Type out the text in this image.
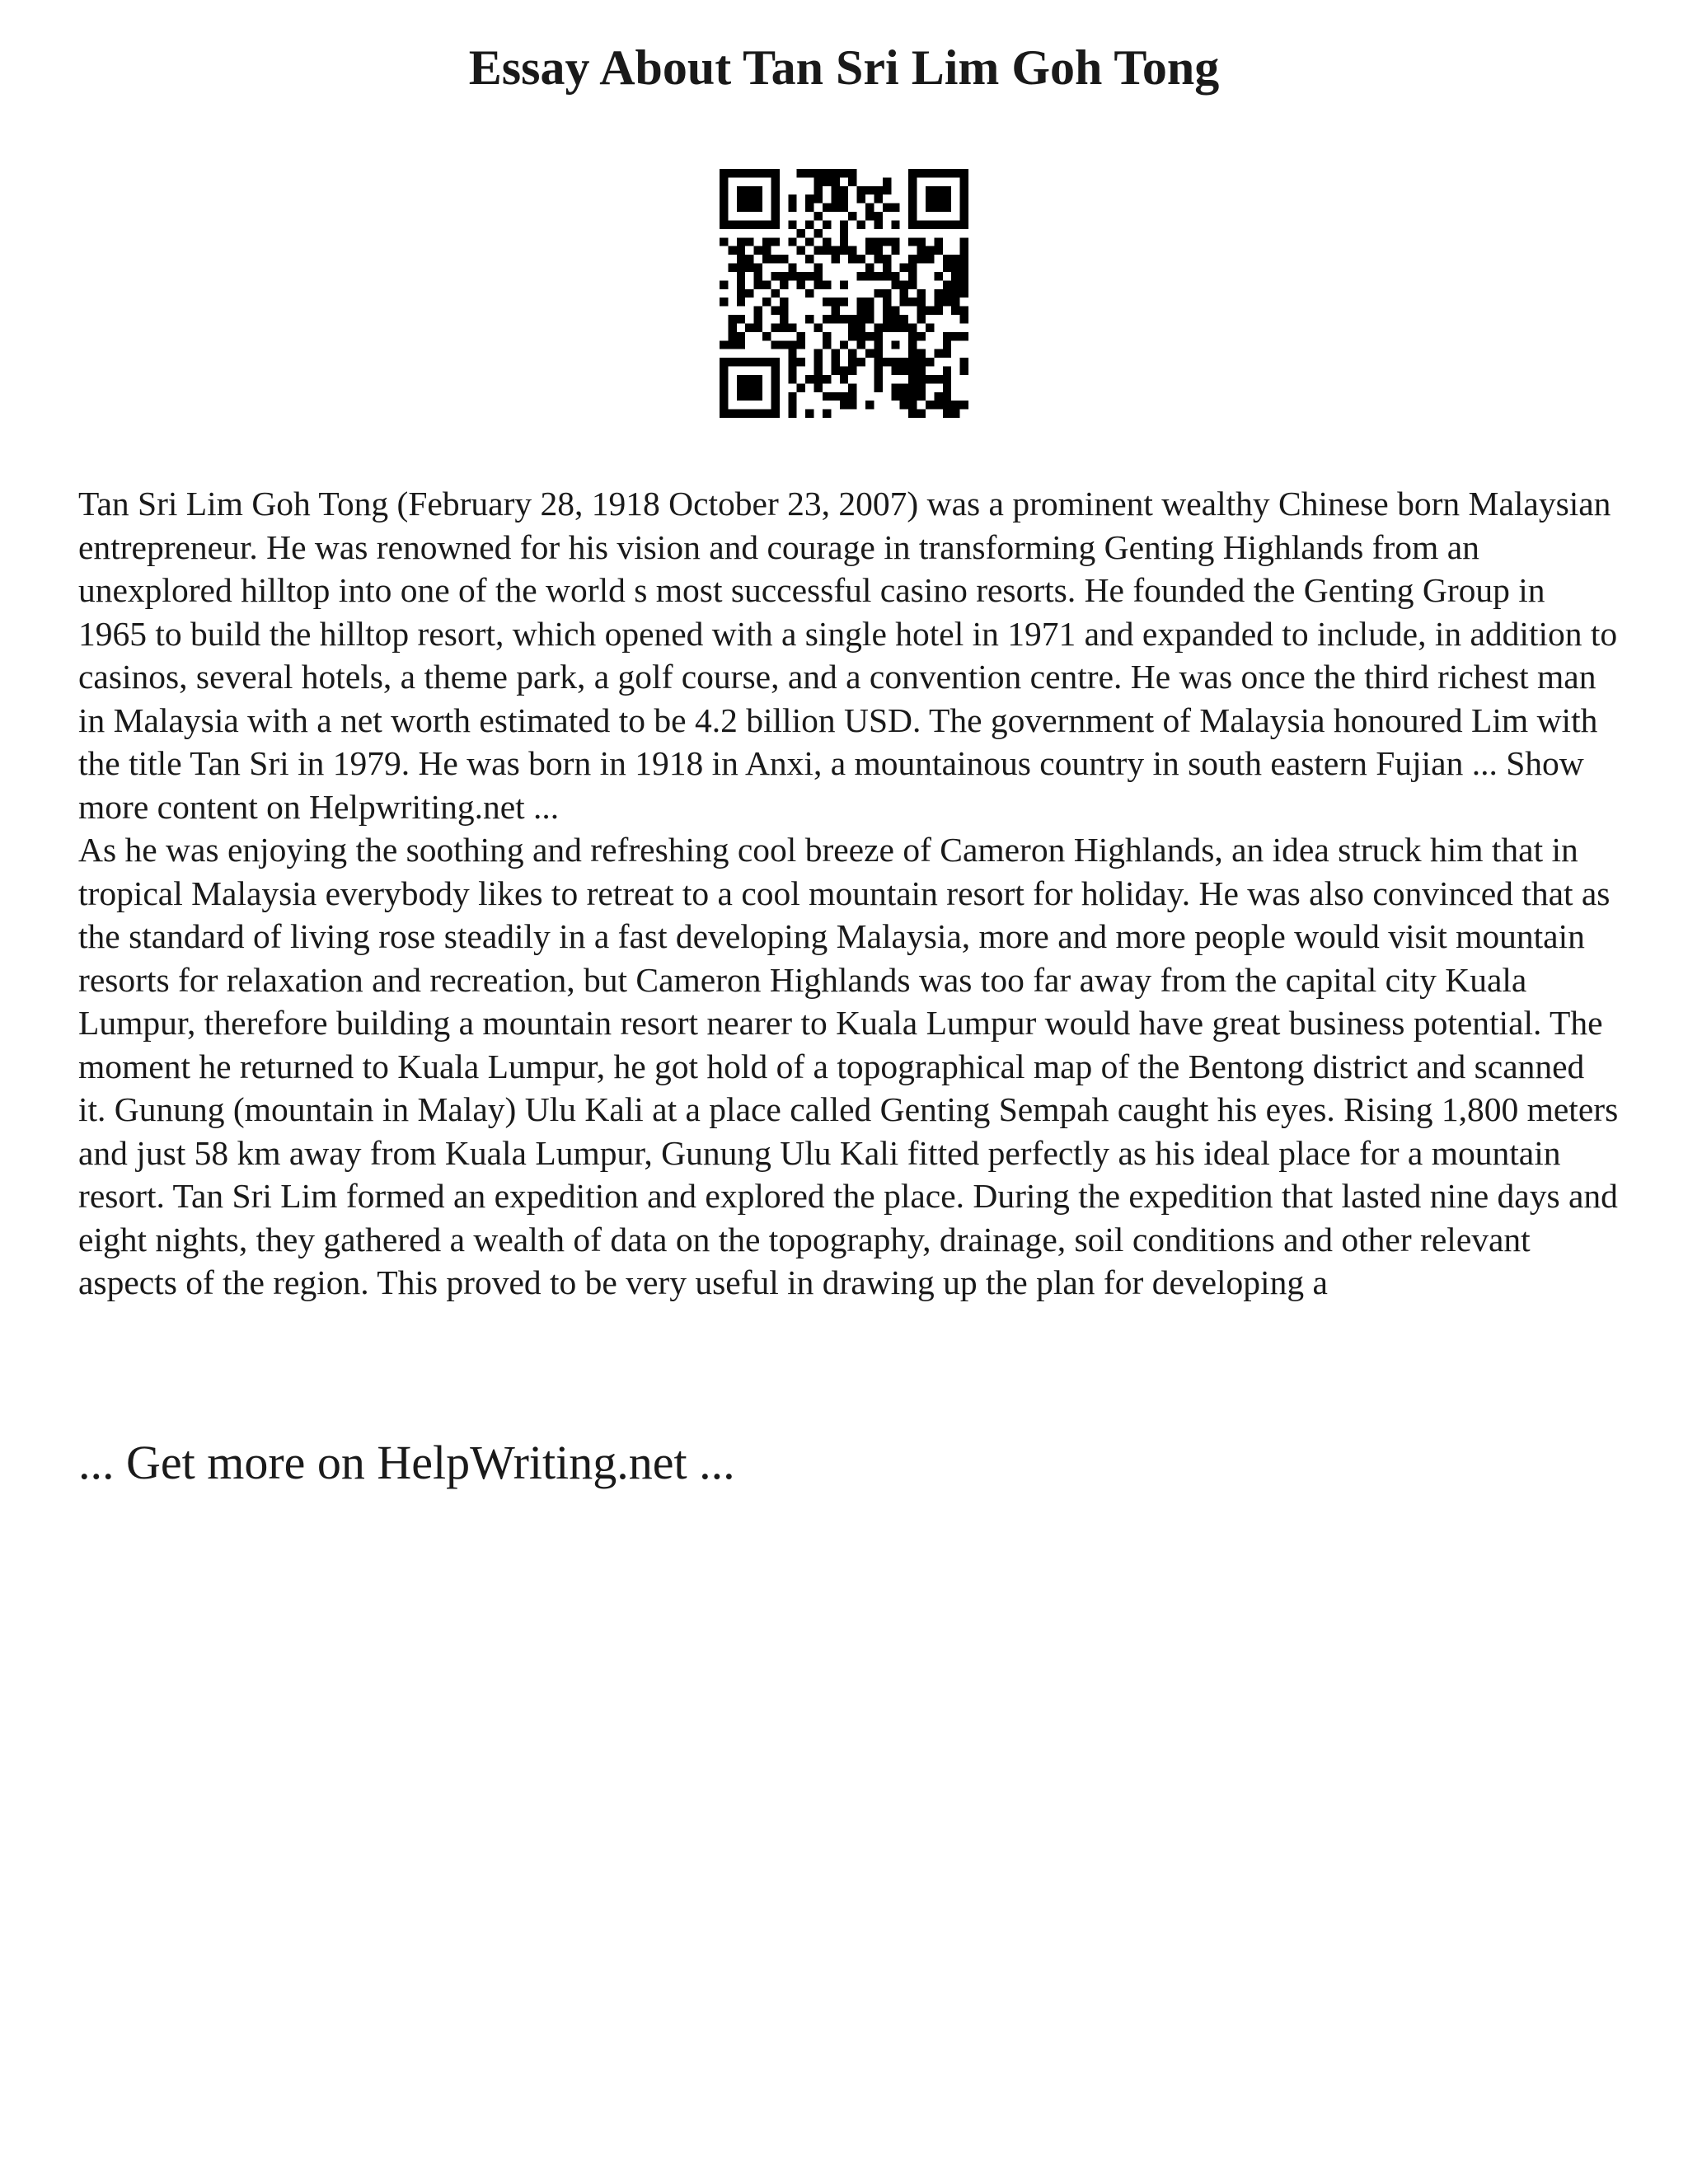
Essay About Tan Sri Lim Goh Tong

Tan Sri Lim Goh Tong (February 28, 1918 October 23, 2007) was a prominent wealthy Chinese born Malaysian entrepreneur. He was renowned for his vision and courage in transforming Genting Highlands from an unexplored hilltop into one of the world s most successful casino resorts. He founded the Genting Group in 1965 to build the hilltop resort, which opened with a single hotel in 1971 and expanded to include, in addition to casinos, several hotels, a theme park, a golf course, and a convention centre. He was once the third richest man in Malaysia with a net worth estimated to be 4.2 billion USD. The government of Malaysia honoured Lim with the title Tan Sri in 1979. He was born in 1918 in Anxi, a mountainous country in south eastern Fujian ... Show more content on Helpwriting.net ...

As he was enjoying the soothing and refreshing cool breeze of Cameron Highlands, an idea struck him that in tropical Malaysia everybody likes to retreat to a cool mountain resort for holiday. He was also convinced that as the standard of living rose steadily in a fast developing Malaysia, more and more people would visit mountain resorts for relaxation and recreation, but Cameron Highlands was too far away from the capital city Kuala Lumpur, therefore building a mountain resort nearer to Kuala Lumpur would have great business potential. The moment he returned to Kuala Lumpur, he got hold of a topographical map of the Bentong district and scanned it. Gunung (mountain in Malay) Ulu Kali at a place called Genting Sempah caught his eyes. Rising 1,800 meters and just 58 km away from Kuala Lumpur, Gunung Ulu Kali fitted perfectly as his ideal place for a mountain resort. Tan Sri Lim formed an expedition and explored the place. During the expedition that lasted nine days and eight nights, they gathered a wealth of data on the topography, drainage, soil conditions and other relevant aspects of the region. This proved to be very useful in drawing up the plan for developing a

... Get more on HelpWriting.net ...
